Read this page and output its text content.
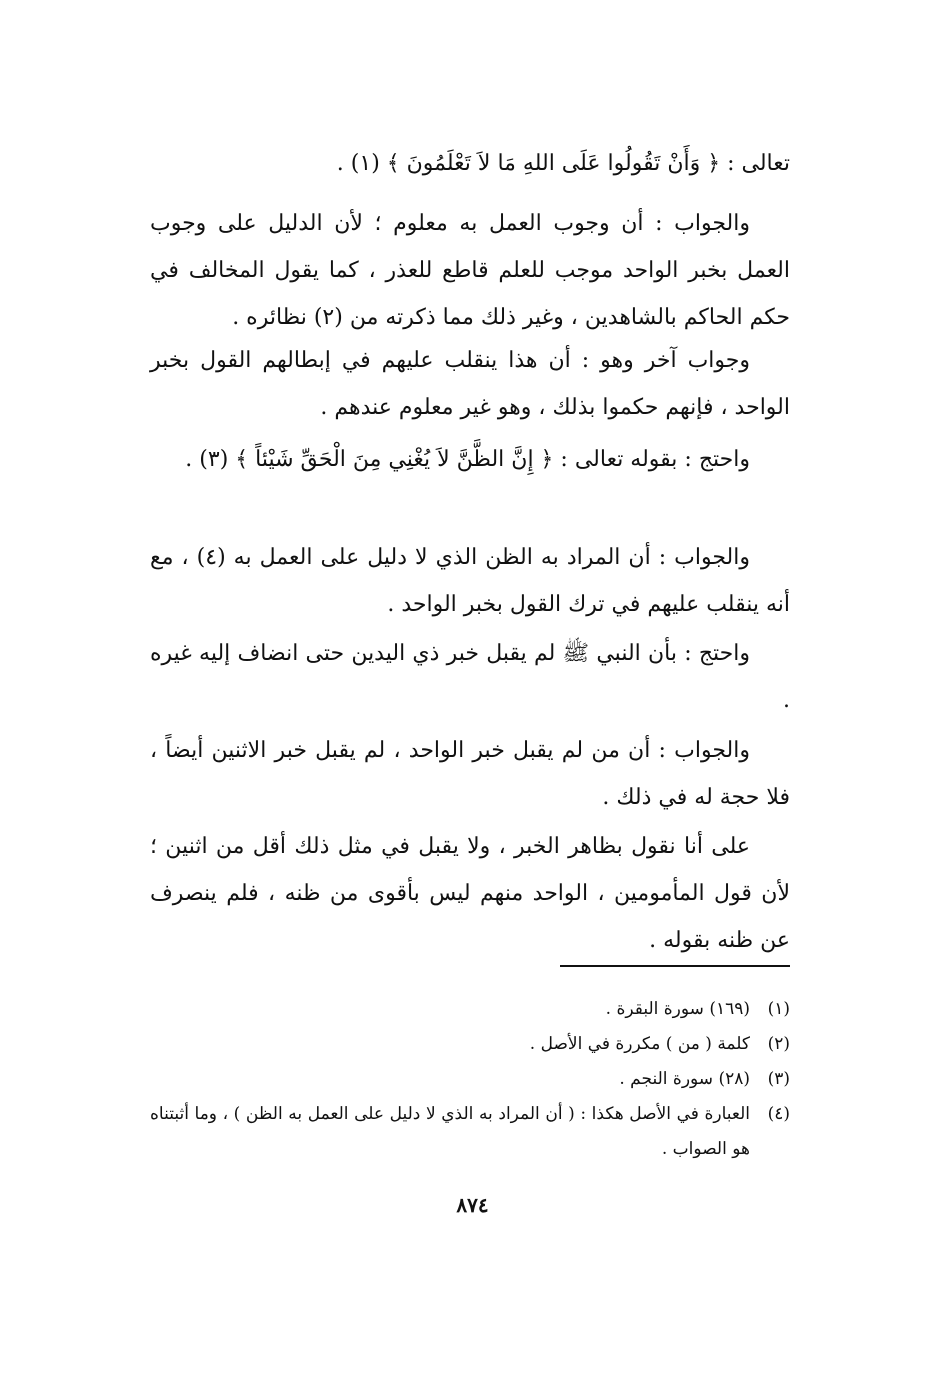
تعالى : ﴿ وَأَنْ تَقُولُوا عَلَى اللهِ مَا لاَ تَعْلَمُونَ ﴾ (١) .

والجواب : أن وجوب العمل به معلوم ؛ لأن الدليل على وجوب العمل بخبر الواحد موجب للعلم قاطع للعذر ، كما يقول المخالف في حكم الحاكم بالشاهدين ، وغير ذلك مما ذكرته من (٢) نظائره .

وجواب آخر وهو : أن هذا ينقلب عليهم في إبطالهم القول بخبر الواحد ، فإنهم حكموا بذلك ، وهو غير معلوم عندهم .

واحتج : بقوله تعالى : ﴿ إِنَّ الظَّنَّ لاَ يُغْنِي مِنَ الْحَقِّ شَيْئاً ﴾ (٣) .

والجواب : أن المراد به الظن الذي لا دليل على العمل به (٤) ، مع أنه ينقلب عليهم في ترك القول بخبر الواحد .

واحتج : بأن النبي ﷺ لم يقبل خبر ذي اليدين حتى انضاف إليه غيره .

والجواب : أن من لم يقبل خبر الواحد ، لم يقبل خبر الاثنين أيضاً ، فلا حجة له في ذلك .

على أنا نقول بظاهر الخبر ، ولا يقبل في مثل ذلك أقل من اثنين ؛ لأن قول المأمومين ، الواحد منهم ليس بأقوى من ظنه ، فلم ينصرف عن ظنه بقوله .

(١)
(١٦٩) سورة البقرة .
(٢)
كلمة ( من ) مكررة في الأصل .
(٣)
(٢٨) سورة النجم .
(٤)
العبارة في الأصل هكذا : ( أن المراد به الذي لا دليل على العمل به الظن ) ، وما أثبتناه هو الصواب .
٨٧٤
